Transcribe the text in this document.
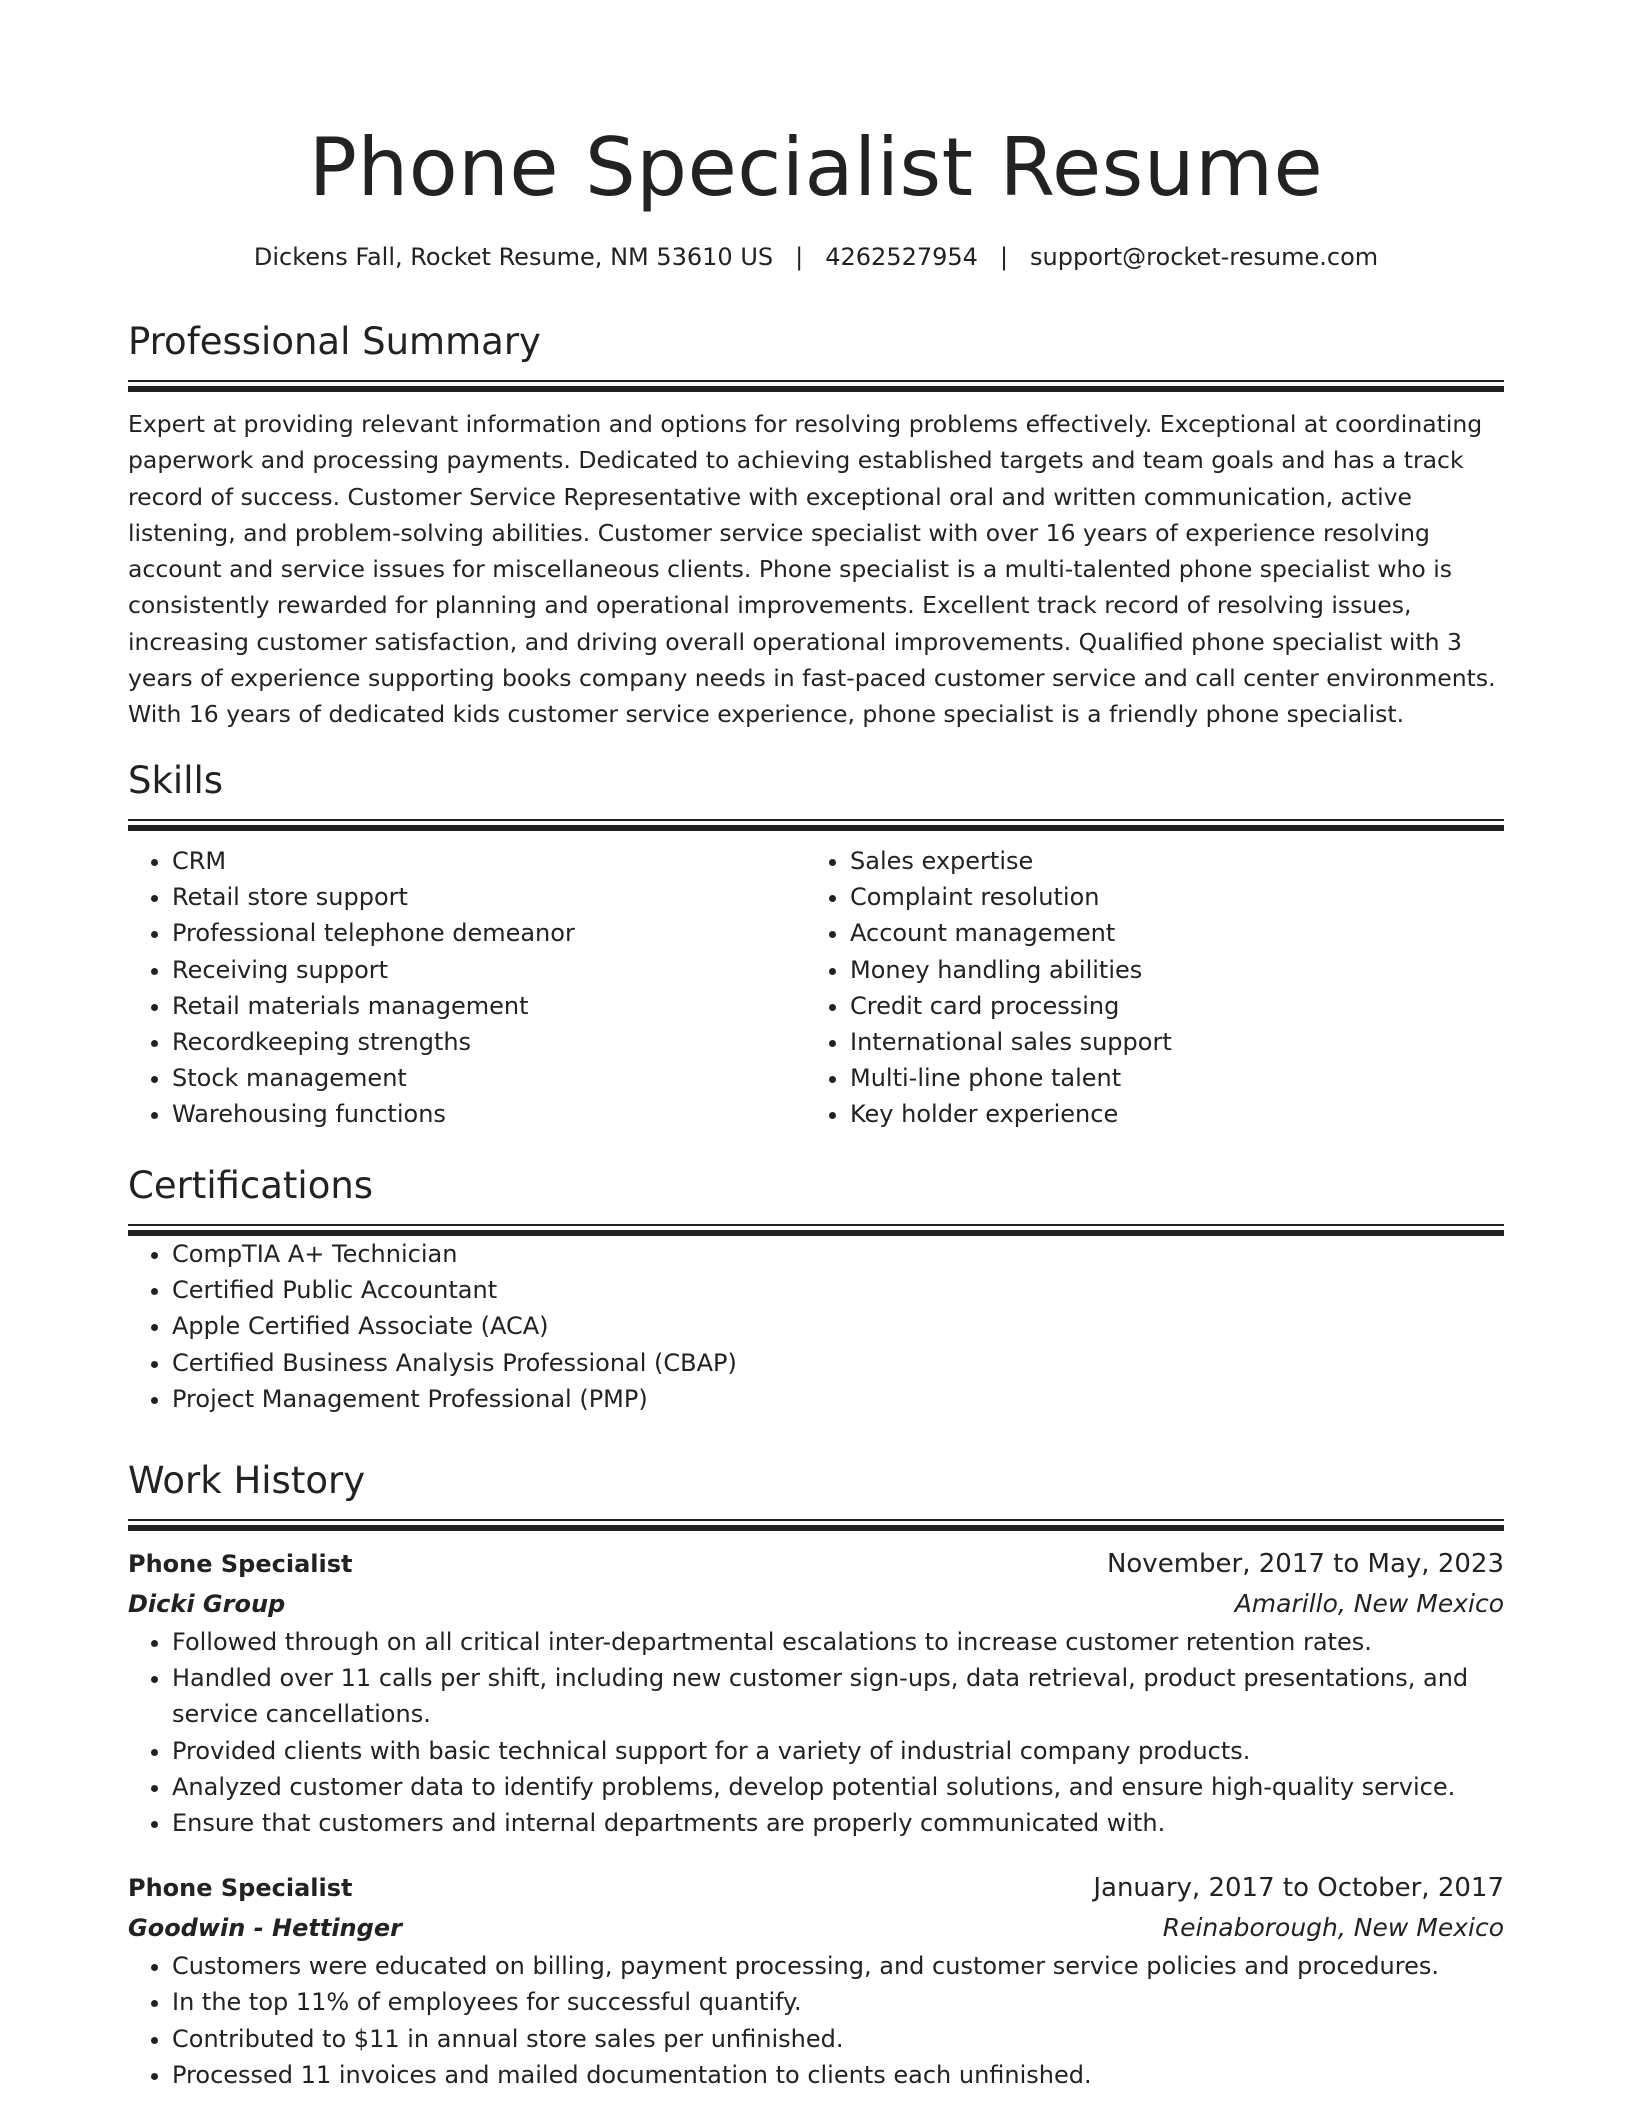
Phone Specialist Resume
Dickens Fall, Rocket Resume, NM 53610 US | 4262527954 | support@rocket-resume.com
Professional Summary

Expert at providing relevant information and options for resolving problems effectively. Exceptional at coordinating paperwork and processing payments. Dedicated to achieving established targets and team goals and has a track record of success. Customer Service Representative with exceptional oral and written communication, active listening, and problem-solving abilities. Customer service specialist with over 16 years of experience resolving account and service issues for miscellaneous clients. Phone specialist is a multi-talented phone specialist who is consistently rewarded for planning and operational improvements. Excellent track record of resolving issues, increasing customer satisfaction, and driving overall operational improvements. Qualified phone specialist with 3 years of experience supporting books company needs in fast-paced customer service and call center environments. With 16 years of dedicated kids customer service experience, phone specialist is a friendly phone specialist.

Skills
• CRM
• Retail store support
• Professional telephone demeanor
• Receiving support
• Retail materials management
• Recordkeeping strengths
• Stock management
• Warehousing functions
• Sales expertise
• Complaint resolution
• Account management
• Money handling abilities
• Credit card processing
• International sales support
• Multi-line phone talent
• Key holder experience
Certifications
• CompTIA A+ Technician
• Certified Public Accountant
• Apple Certified Associate (ACA)
• Certified Business Analysis Professional (CBAP)
• Project Management Professional (PMP)
Work History
Phone Specialist	November, 2017 to May, 2023
Dicki Group	Amarillo, New Mexico
• Followed through on all critical inter-departmental escalations to increase customer retention rates.
• Handled over 11 calls per shift, including new customer sign-ups, data retrieval, product presentations, and service cancellations.
• Provided clients with basic technical support for a variety of industrial company products.
• Analyzed customer data to identify problems, develop potential solutions, and ensure high-quality service.
• Ensure that customers and internal departments are properly communicated with.
Phone Specialist	January, 2017 to October, 2017
Goodwin - Hettinger	Reinaborough, New Mexico
• Customers were educated on billing, payment processing, and customer service policies and procedures.
• In the top 11% of employees for successful quantify.
• Contributed to $11 in annual store sales per unfinished.
• Processed 11 invoices and mailed documentation to clients each unfinished.
